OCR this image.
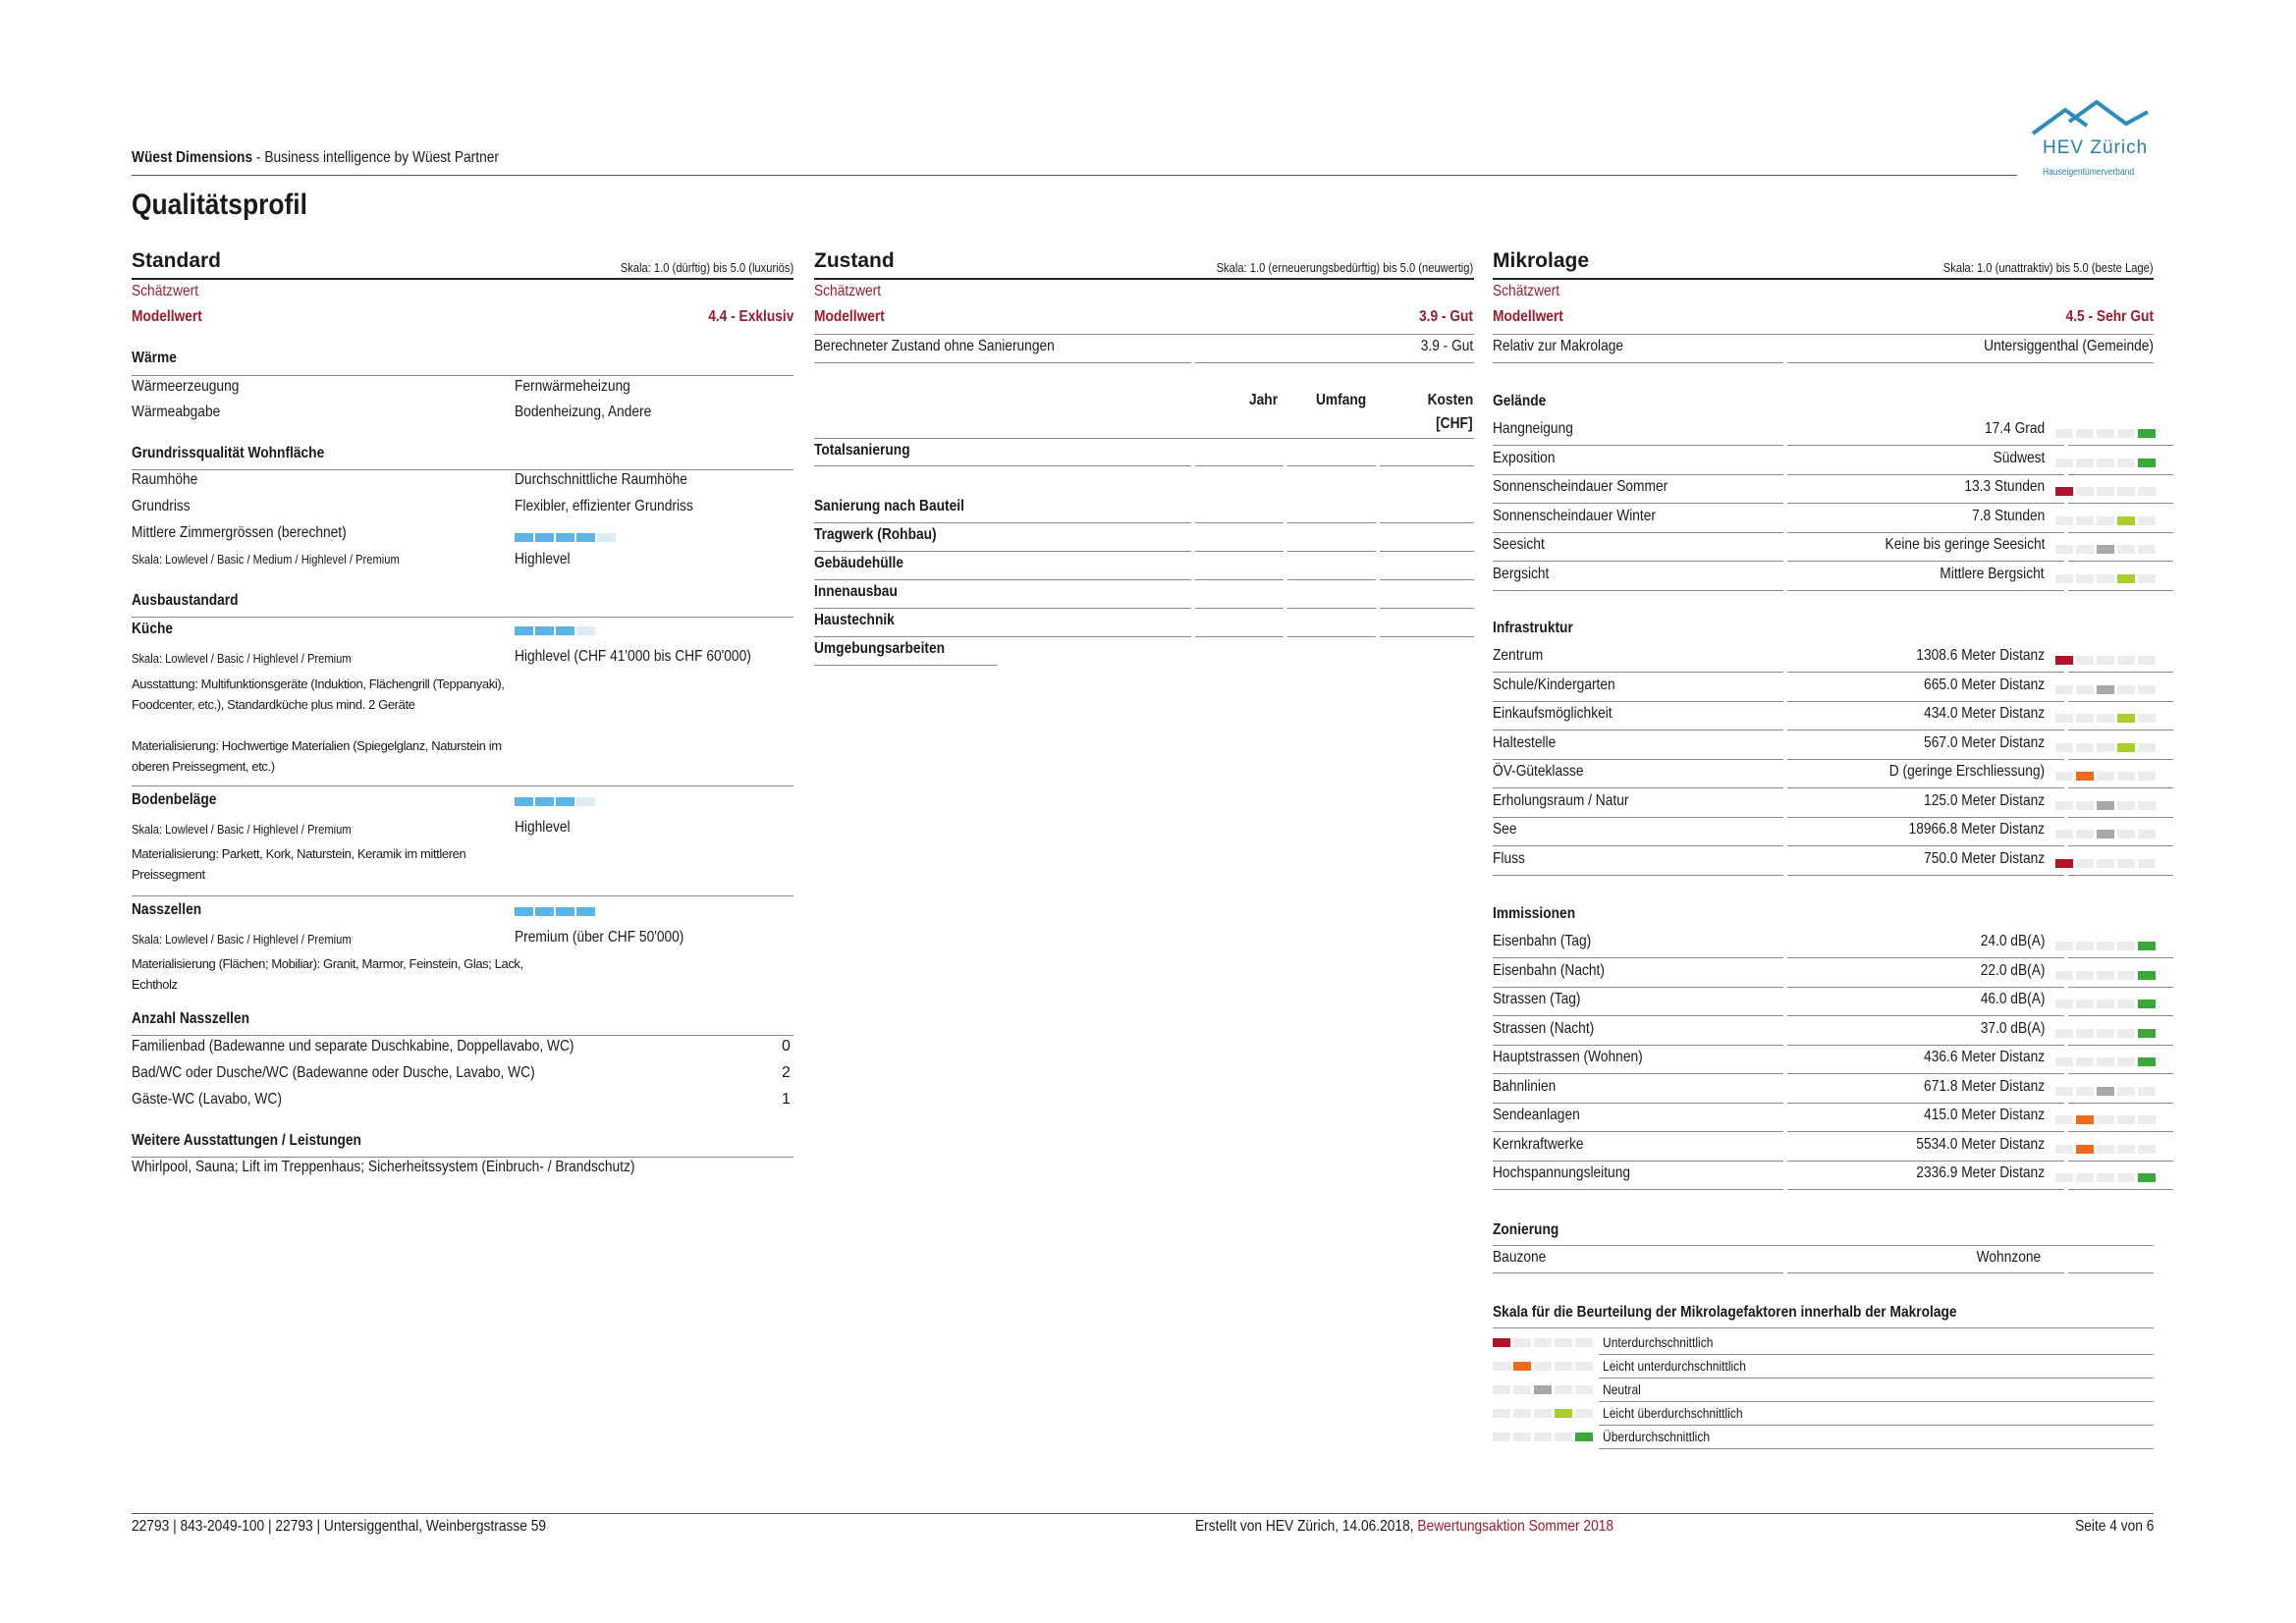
Wüest Dimensions - Business intelligence by Wüest Partner
Qualitätsprofil
HEV Zürich
Hauseigentümerverband
Standard	Skala: 1.0 (dürftig) bis 5.0 (luxuriös)
Schätzwert
Modellwert	4.4 - Exklusiv
Wärme
Wärmeerzeugung	Fernwärmeheizung
Wärmeabgabe	Bodenheizung, Andere
Grundrissqualität Wohnfläche
Raumhöhe	Durchschnittliche Raumhöhe
Grundriss	Flexibler, effizienter Grundriss
Mittlere Zimmergrössen (berechnet)
Skala: Lowlevel / Basic / Medium / Highlevel / Premium	Highlevel
Ausbaustandard
Küche
Skala: Lowlevel / Basic / Highlevel / Premium	Highlevel (CHF 41'000 bis CHF 60'000)
Ausstattung: Multifunktionsgeräte (Induktion, Flächengrill (Teppanyaki), Foodcenter, etc.), Standardküche plus mind. 2 Geräte
Materialisierung: Hochwertige Materialien (Spiegelglanz, Naturstein im oberen Preissegment, etc.)
Bodenbeläge
Skala: Lowlevel / Basic / Highlevel / Premium	Highlevel
Materialisierung: Parkett, Kork, Naturstein, Keramik im mittleren Preissegment
Nasszellen
Skala: Lowlevel / Basic / Highlevel / Premium	Premium (über CHF 50'000)
Materialisierung (Flächen; Mobiliar): Granit, Marmor, Feinstein, Glas; Lack, Echtholz
Anzahl Nasszellen
Familienbad (Badewanne und separate Duschkabine, Doppellavabo, WC)	0
Bad/WC oder Dusche/WC (Badewanne oder Dusche, Lavabo, WC)	2
Gäste-WC (Lavabo, WC)	1
Weitere Ausstattungen / Leistungen
Whirlpool, Sauna; Lift im Treppenhaus; Sicherheitssystem (Einbruch- / Brandschutz)
Zustand	Skala: 1.0 (erneuerungsbedürftig) bis 5.0 (neuwertig)
Schätzwert
Modellwert	3.9 - Gut
Berechneter Zustand ohne Sanierungen	3.9 - Gut
Jahr Umfang	Kosten
[CHF]
Totalsanierung
Sanierung nach Bauteil
Tragwerk (Rohbau)
Gebäudehülle
Innenausbau
Haustechnik
Umgebungsarbeiten
Mikrolage	Skala: 1.0 (unattraktiv) bis 5.0 (beste Lage)
Schätzwert
Modellwert	4.5 - Sehr Gut
Relativ zur Makrolage	Untersiggenthal (Gemeinde)
Gelände
Hangneigung	17.4 Grad
Exposition	Südwest
Sonnenscheindauer Sommer	13.3 Stunden
Sonnenscheindauer Winter	7.8 Stunden
Seesicht	Keine bis geringe Seesicht
Bergsicht	Mittlere Bergsicht
Infrastruktur
Zentrum	1308.6 Meter Distanz
Schule/Kindergarten	665.0 Meter Distanz
Einkaufsmöglichkeit	434.0 Meter Distanz
Haltestelle	567.0 Meter Distanz
ÖV-Güteklasse	D (geringe Erschliessung)
Erholungsraum / Natur	125.0 Meter Distanz
See	18966.8 Meter Distanz
Fluss	750.0 Meter Distanz
Immissionen
Eisenbahn (Tag)	24.0 dB(A)
Eisenbahn (Nacht)	22.0 dB(A)
Strassen (Tag)	46.0 dB(A)
Strassen (Nacht)	37.0 dB(A)
Hauptstrassen (Wohnen)	436.6 Meter Distanz
Bahnlinien	671.8 Meter Distanz
Sendeanlagen	415.0 Meter Distanz
Kernkraftwerke	5534.0 Meter Distanz
Hochspannungsleitung	2336.9 Meter Distanz
Zonierung
Bauzone	Wohnzone
Skala für die Beurteilung der Mikrolagefaktoren innerhalb der Makrolage
Unterdurchschnittlich
Leicht unterdurchschnittlich
Neutral
Leicht überdurchschnittlich
Überdurchschnittlich
22793 | 843-2049-100 | 22793 | Untersiggenthal, Weinbergstrasse 59	Erstellt von HEV Zürich, 14.06.2018, Bewertungsaktion Sommer 2018	Seite 4 von 6
